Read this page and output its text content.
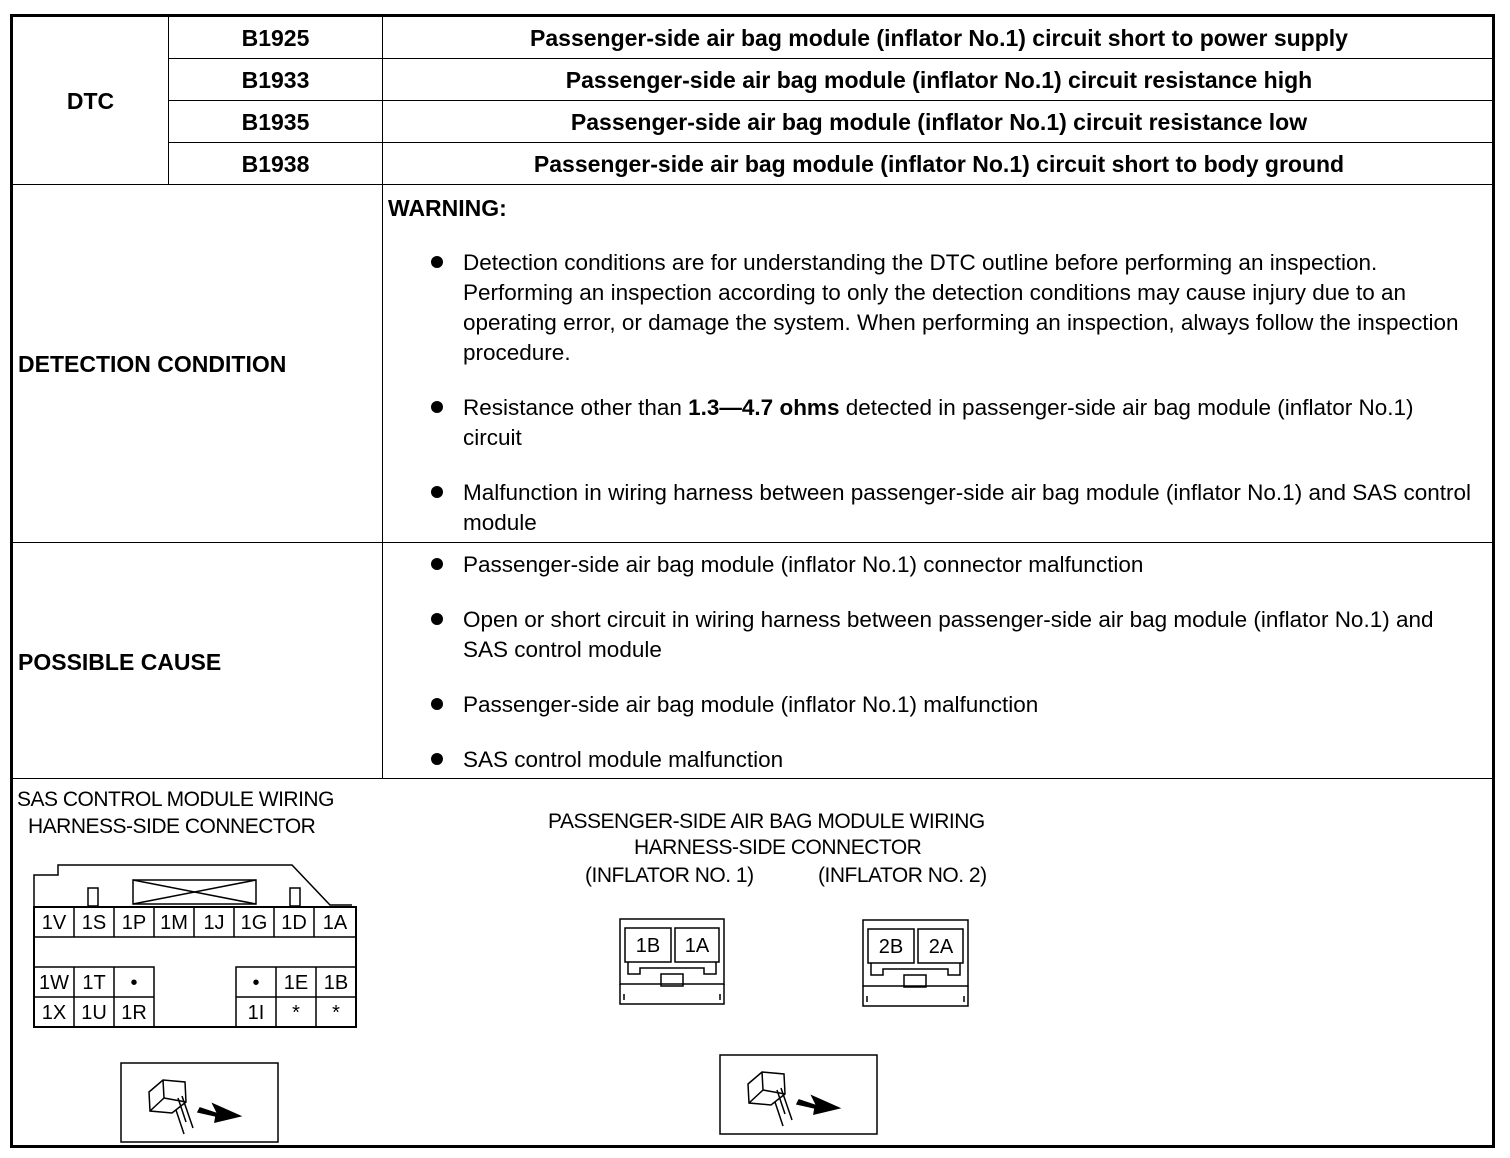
DTC
B1925	Passenger-side air bag module (inflator No.1) circuit short to power supply
B1933	Passenger-side air bag module (inflator No.1) circuit resistance high
B1935	Passenger-side air bag module (inflator No.1) circuit resistance low
B1938	Passenger-side air bag module (inflator No.1) circuit short to body ground
DETECTION CONDITION
WARNING:
Detection conditions are for understanding the DTC outline before performing an inspection. Performing an inspection according to only the detection conditions may cause injury due to an operating error, or damage the system. When performing an inspection, always follow the inspection procedure.
Resistance other than 1.3—4.7 ohms detected in passenger-side air bag module (inflator No.1) circuit
Malfunction in wiring harness between passenger-side air bag module (inflator No.1) and SAS control module
POSSIBLE CAUSE
Passenger-side air bag module (inflator No.1) connector malfunction
Open or short circuit in wiring harness between passenger-side air bag module (inflator No.1) and SAS control module
Passenger-side air bag module (inflator No.1) malfunction
SAS control module malfunction
SAS CONTROL MODULE WIRING
HARNESS-SIDE CONNECTOR	PASSENGER-SIDE AIR BAG MODULE WIRING
HARNESS-SIDE CONNECTOR
(INFLATOR NO. 1)	(INFLATOR NO. 2)
1V 1S 1P 1M 1J 1G 1D 1A
1W 1T •
1X 1U 1R
• 1E 1B
1I * *
1B 1A	2B 2A
